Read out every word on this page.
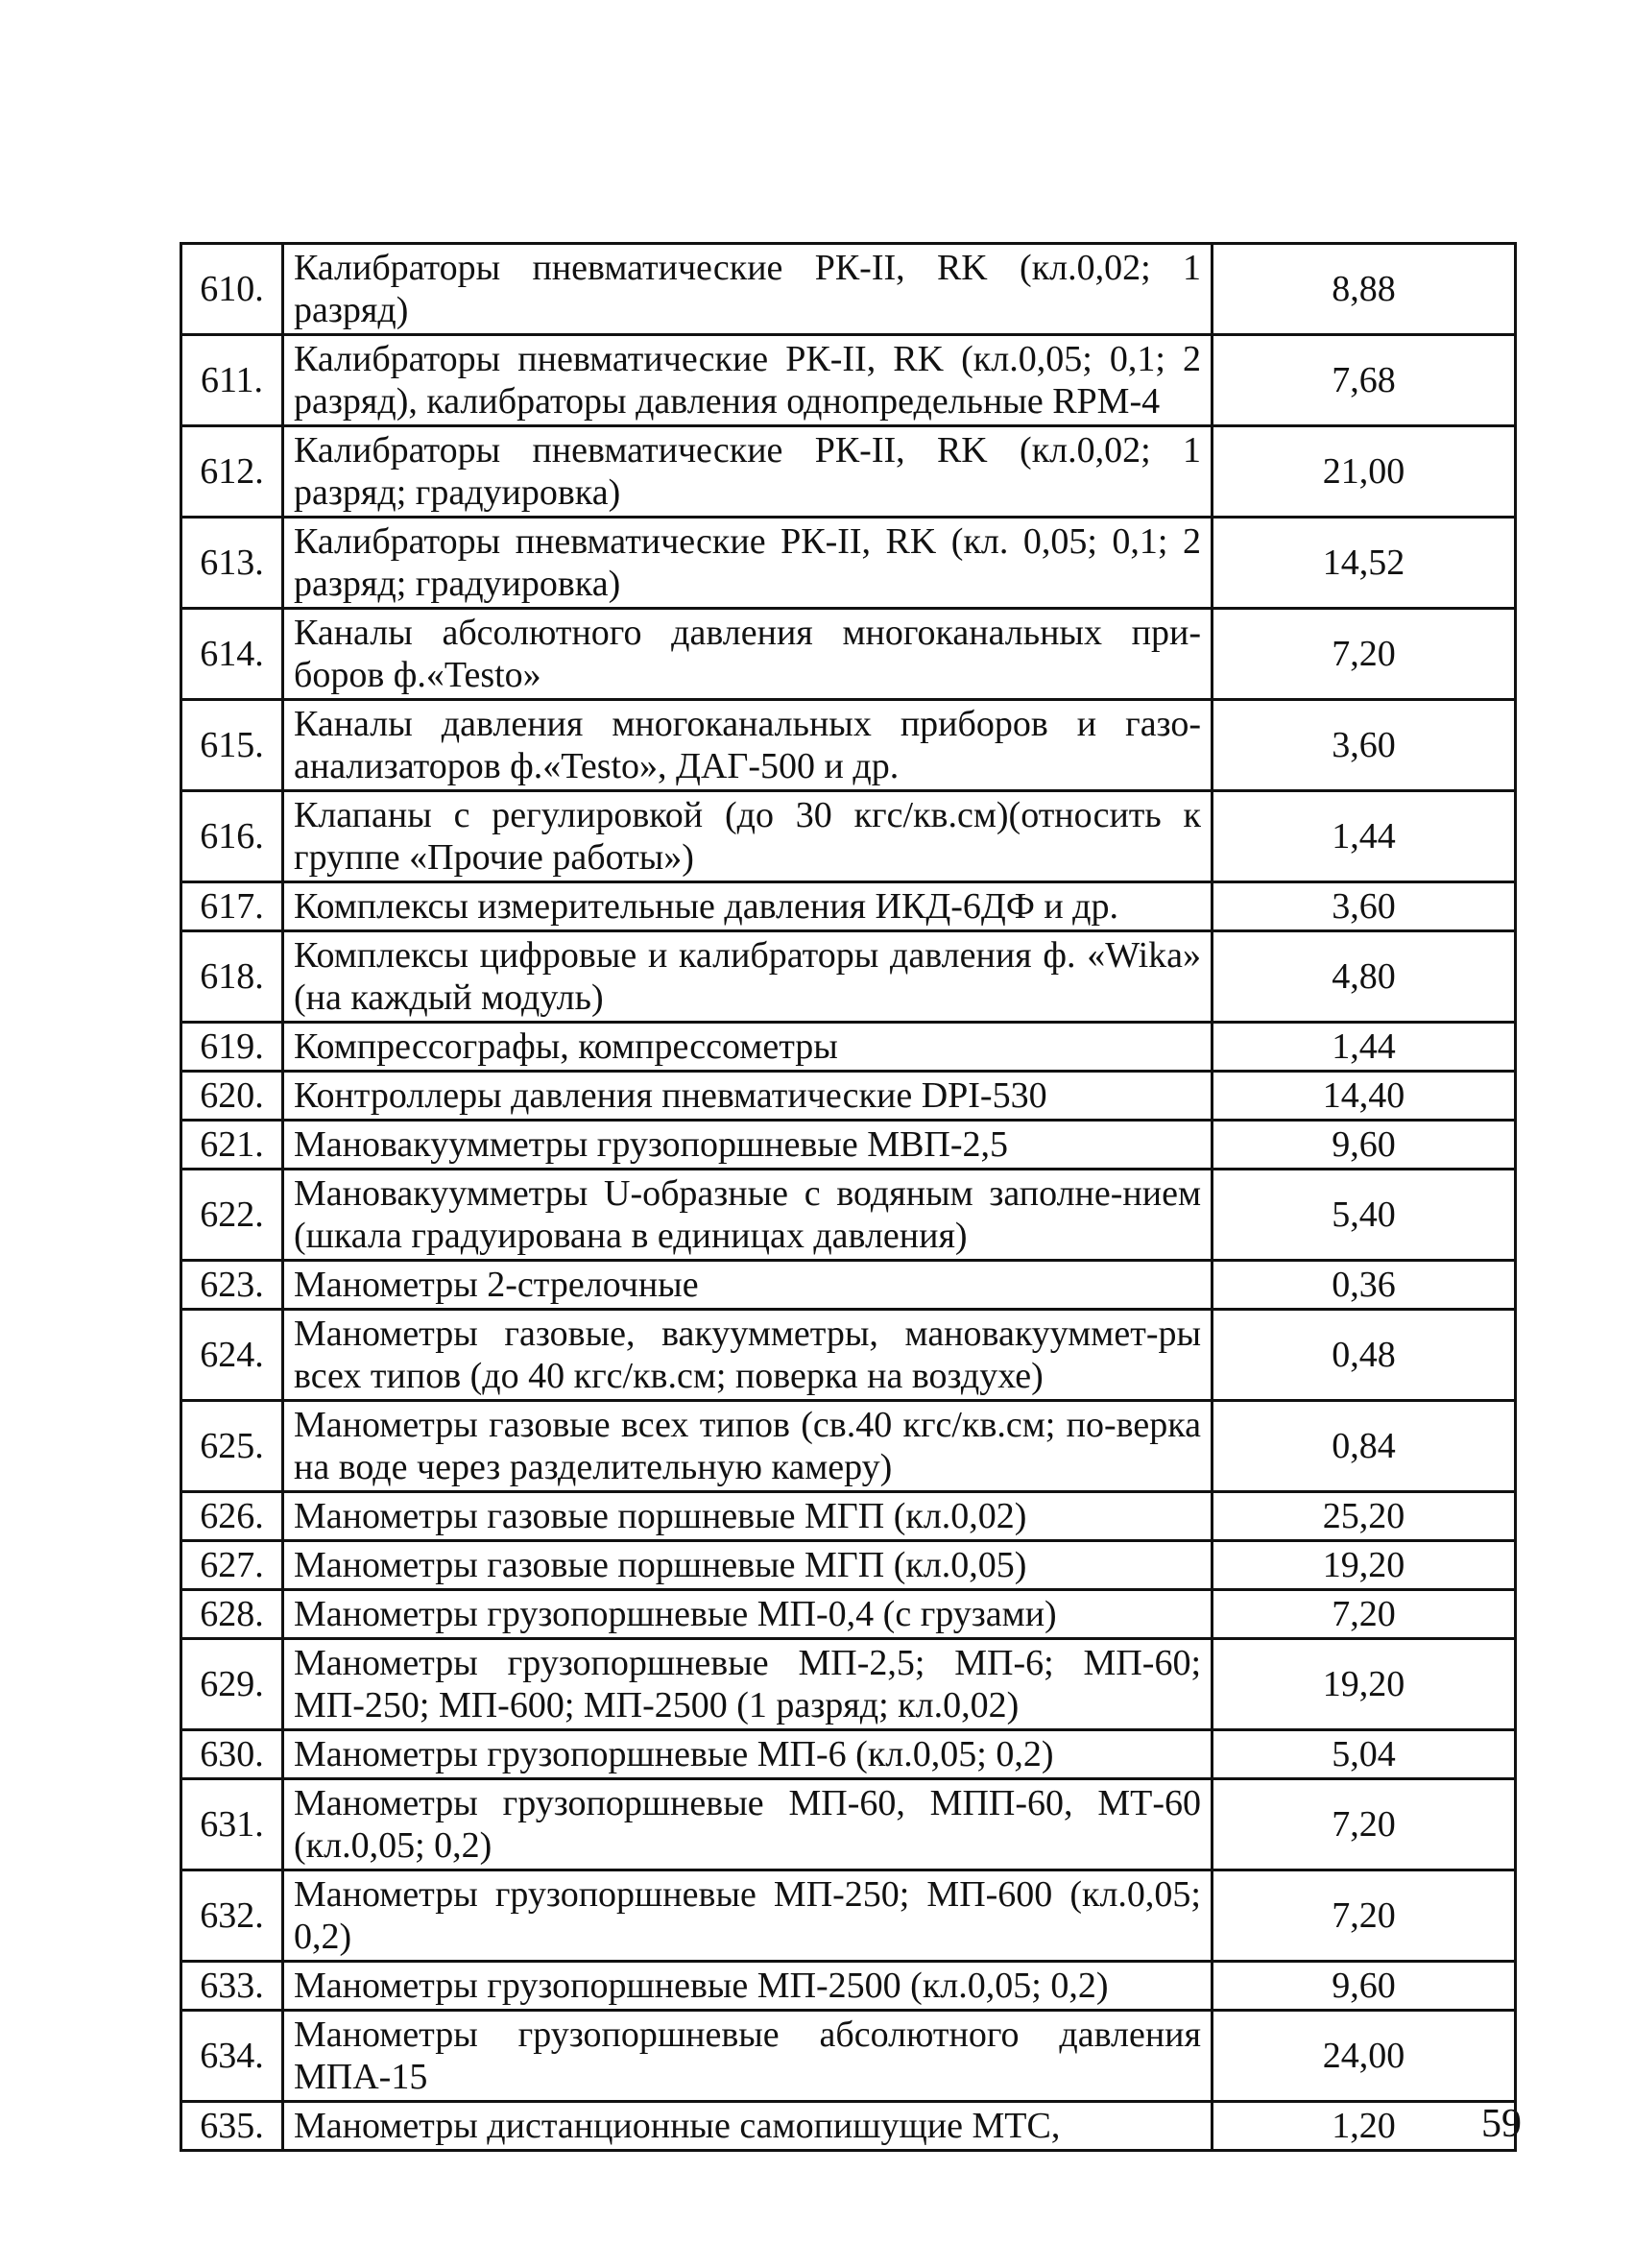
610.	Калибраторы пневматические РК-II, RK (кл.0,02; 1 разряд)	8,88
611.	Калибраторы пневматические РК-II, RK (кл.0,05; 0,1; 2 разряд), калибраторы давления однопредельные RPM-4	7,68
612.	Калибраторы пневматические РК-II, RK (кл.0,02; 1 разряд; градуировка)	21,00
613.	Калибраторы пневматические РК-II, RK (кл. 0,05; 0,1; 2 разряд; градуировка)	14,52
614.	Каналы абсолютного давления многоканальных при-боров ф.«Testo»	7,20
615.	Каналы давления многоканальных приборов и газо-анализаторов ф.«Testo», ДАГ-500 и др.	3,60
616.	Клапаны с регулировкой (до 30 кгс/кв.см)(относить к группе «Прочие работы»)	1,44
617.	Комплексы измерительные давления ИКД-6ДФ и др.	3,60
618.	Комплексы цифровые и калибраторы давления ф. «Wika» (на каждый модуль)	4,80
619.	Компрессографы, компрессометры	1,44
620.	Контроллеры давления пневматические DPI-530	14,40
621.	Мановакуумметры грузопоршневые МВП-2,5	9,60
622.	Мановакуумметры U-образные с водяным заполне-нием (шкала градуирована в единицах давления)	5,40
623.	Манометры 2-стрелочные	0,36
624.	Манометры газовые, вакуумметры, мановакууммет-ры всех типов (до 40 кгс/кв.см; поверка на воздухе)	0,48
625.	Манометры газовые всех типов (св.40 кгс/кв.см; по-верка на воде через разделительную камеру)	0,84
626.	Манометры газовые поршневые МГП (кл.0,02)	25,20
627.	Манометры газовые поршневые МГП (кл.0,05)	19,20
628.	Манометры грузопоршневые МП-0,4 (с грузами)	7,20
629.	Манометры грузопоршневые МП-2,5; МП-6; МП-60; МП-250; МП-600; МП-2500 (1 разряд; кл.0,02)	19,20
630.	Манометры грузопоршневые МП-6 (кл.0,05; 0,2)	5,04
631.	Манометры грузопоршневые МП-60, МПП-60, МТ-60 (кл.0,05; 0,2)	7,20
632.	Манометры грузопоршневые МП-250; МП-600 (кл.0,05; 0,2)	7,20
633.	Манометры грузопоршневые МП-2500 (кл.0,05; 0,2)	9,60
634.	Манометры грузопоршневые абсолютного давления МПА-15	24,00
635.	Манометры дистанционные самопишущие МТС,	1,20	59
